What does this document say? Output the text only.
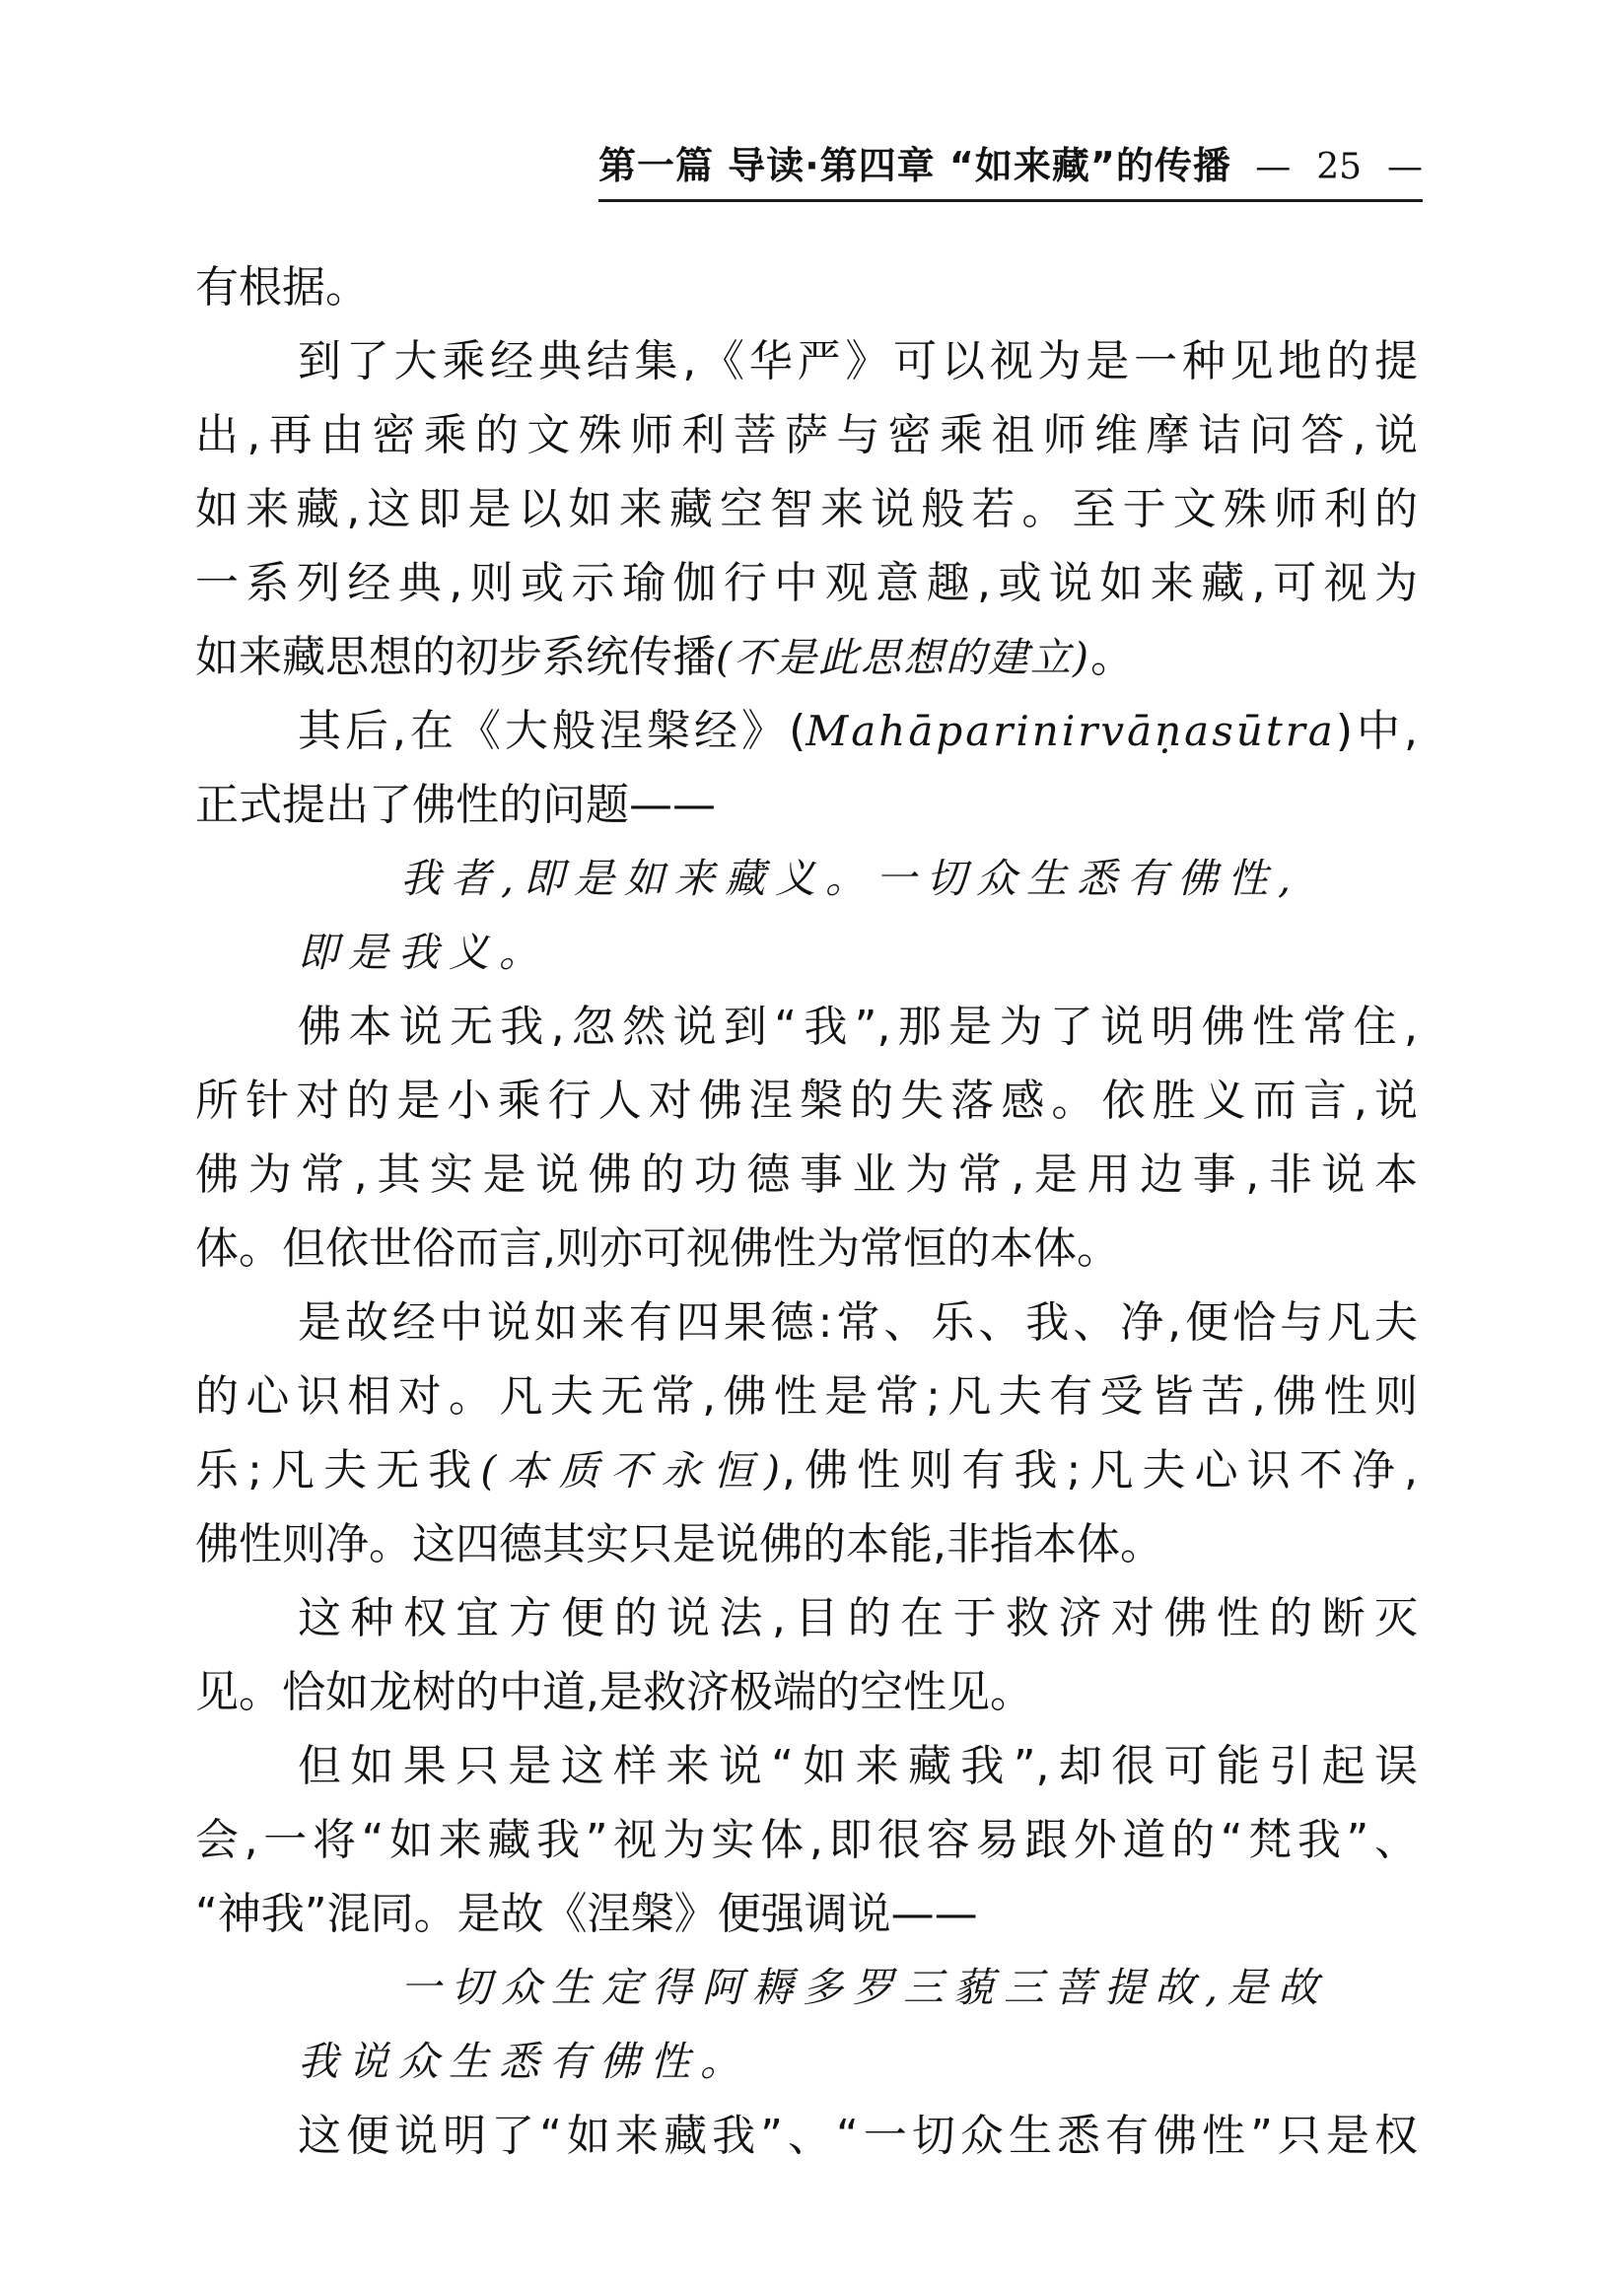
第一篇 导读·第四章 “如来藏”的传播 — 25 —
有根据。
到了大乘经典结集,《华严》可以视为是一种见地的提
出,再由密乘的文殊师利菩萨与密乘祖师维摩诘问答,说
如来藏,这即是以如来藏空智来说般若。至于文殊师利的
一系列经典,则或示瑜伽行中观意趣,或说如来藏,可视为
如来藏思想的初步系统传播(不是此思想的建立)。
其后,在《大般涅槃经》(Mahāparinirvāṇasūtra)中,
正式提出了佛性的问题——
我者,即是如来藏义。一切众生悉有佛性,
即是我义。
佛本说无我,忽然说到“我”,那是为了说明佛性常住,
所针对的是小乘行人对佛涅槃的失落感。依胜义而言,说
佛为常,其实是说佛的功德事业为常,是用边事,非说本
体。但依世俗而言,则亦可视佛性为常恒的本体。
是故经中说如来有四果德:常、乐、我、净,便恰与凡夫
的心识相对。凡夫无常,佛性是常;凡夫有受皆苦,佛性则
乐;凡夫无我(本质不永恒),佛性则有我;凡夫心识不净,
佛性则净。这四德其实只是说佛的本能,非指本体。
这种权宜方便的说法,目的在于救济对佛性的断灭
见。恰如龙树的中道,是救济极端的空性见。
但如果只是这样来说“如来藏我”,却很可能引起误
会,一将“如来藏我”视为实体,即很容易跟外道的“梵我”、
“神我”混同。是故《涅槃》便强调说——
一切众生定得阿耨多罗三藐三菩提故,是故
我说众生悉有佛性。
这便说明了“如来藏我”、“一切众生悉有佛性”只是权
